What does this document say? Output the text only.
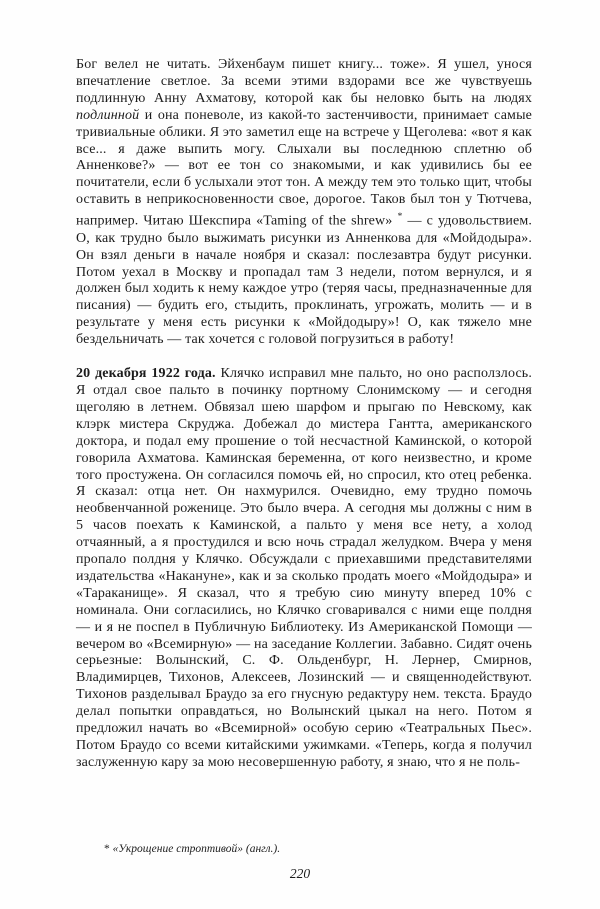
Бог велел не читать. Эйхенбаум пишет книгу... тоже». Я ушел, унося впечатление светлое. За всеми этими вздорами все же чувствуешь подлинную Анну Ахматову, которой как бы неловко быть на людях подлинной и она поневоле, из какой-то застенчивости, принимает самые тривиальные облики. Я это заметил еще на встрече у Щеголева: «вот я как все... я даже выпить могу. Слыхали вы последнюю сплетню об Анненкове?» — вот ее тон со знакомыми, и как удивились бы ее почитатели, если б услыхали этот тон. А между тем это только щит, чтобы оставить в неприкосновенности свое, дорогое. Таков был тон у Тютчева, например. Читаю Шекспира «Taming of the shrew» * — с удовольствием. О, как трудно было выжимать рисунки из Анненкова для «Мойдодыра». Он взял деньги в начале ноября и сказал: послезавтра будут рисунки. Потом уехал в Москву и пропадал там 3 недели, потом вернулся, и я должен был ходить к нему каждое утро (теряя часы, предназначенные для писания) — будить его, стыдить, проклинать, угрожать, молить — и в результате у меня есть рисунки к «Мойдодыру»! О, как тяжело мне бездельничать — так хочется с головой погрузиться в работу!

20 декабря 1922 года. Клячко исправил мне пальто, но оно расползлось. Я отдал свое пальто в починку портному Слонимскому — и сегодня щеголяю в летнем. Обвязал шею шарфом и прыгаю по Невскому, как клэрк мистера Скруджа. Добежал до мистера Гантта, американского доктора, и подал ему прошение о той несчастной Каминской, о которой говорила Ахматова. Каминская беременна, от кого неизвестно, и кроме того простужена. Он согласился помочь ей, но спросил, кто отец ребенка. Я сказал: отца нет. Он нахмурился. Очевидно, ему трудно помочь необвенчанной роженице. Это было вчера. А сегодня мы должны с ним в 5 часов поехать к Каминской, а пальто у меня все нету, а холод отчаянный, а я простудился и всю ночь страдал желудком. Вчера у меня пропало полдня у Клячко. Обсуждали с приехавшими представителями издательства «Накануне», как и за сколько продать моего «Мойдодыра» и «Тараканище». Я сказал, что я требую сию минуту вперед 10% с номинала. Они согласились, но Клячко сговаривался с ними еще полдня — и я не поспел в Публичную Библиотеку. Из Американской Помощи — вечером во «Всемирную» — на заседание Коллегии. Забавно. Сидят очень серьезные: Волынский, С. Ф. Ольденбург, Н. Лернер, Смирнов, Владимирцев, Тихонов, Алексеев, Лозинский — и священнодействуют. Тихонов разделывал Браудо за его гнусную редактуру нем. текста. Браудо делал попытки оправдаться, но Волынский цыкал на него. Потом я предложил начать во «Всемирной» особую серию «Театральных Пьес». Потом Браудо со всеми китайскими ужимками. «Теперь, когда я получил заслуженную кару за мою несовершенную работу, я знаю, что я не поль-

* «Укрощение строптивой» (англ.).
220
